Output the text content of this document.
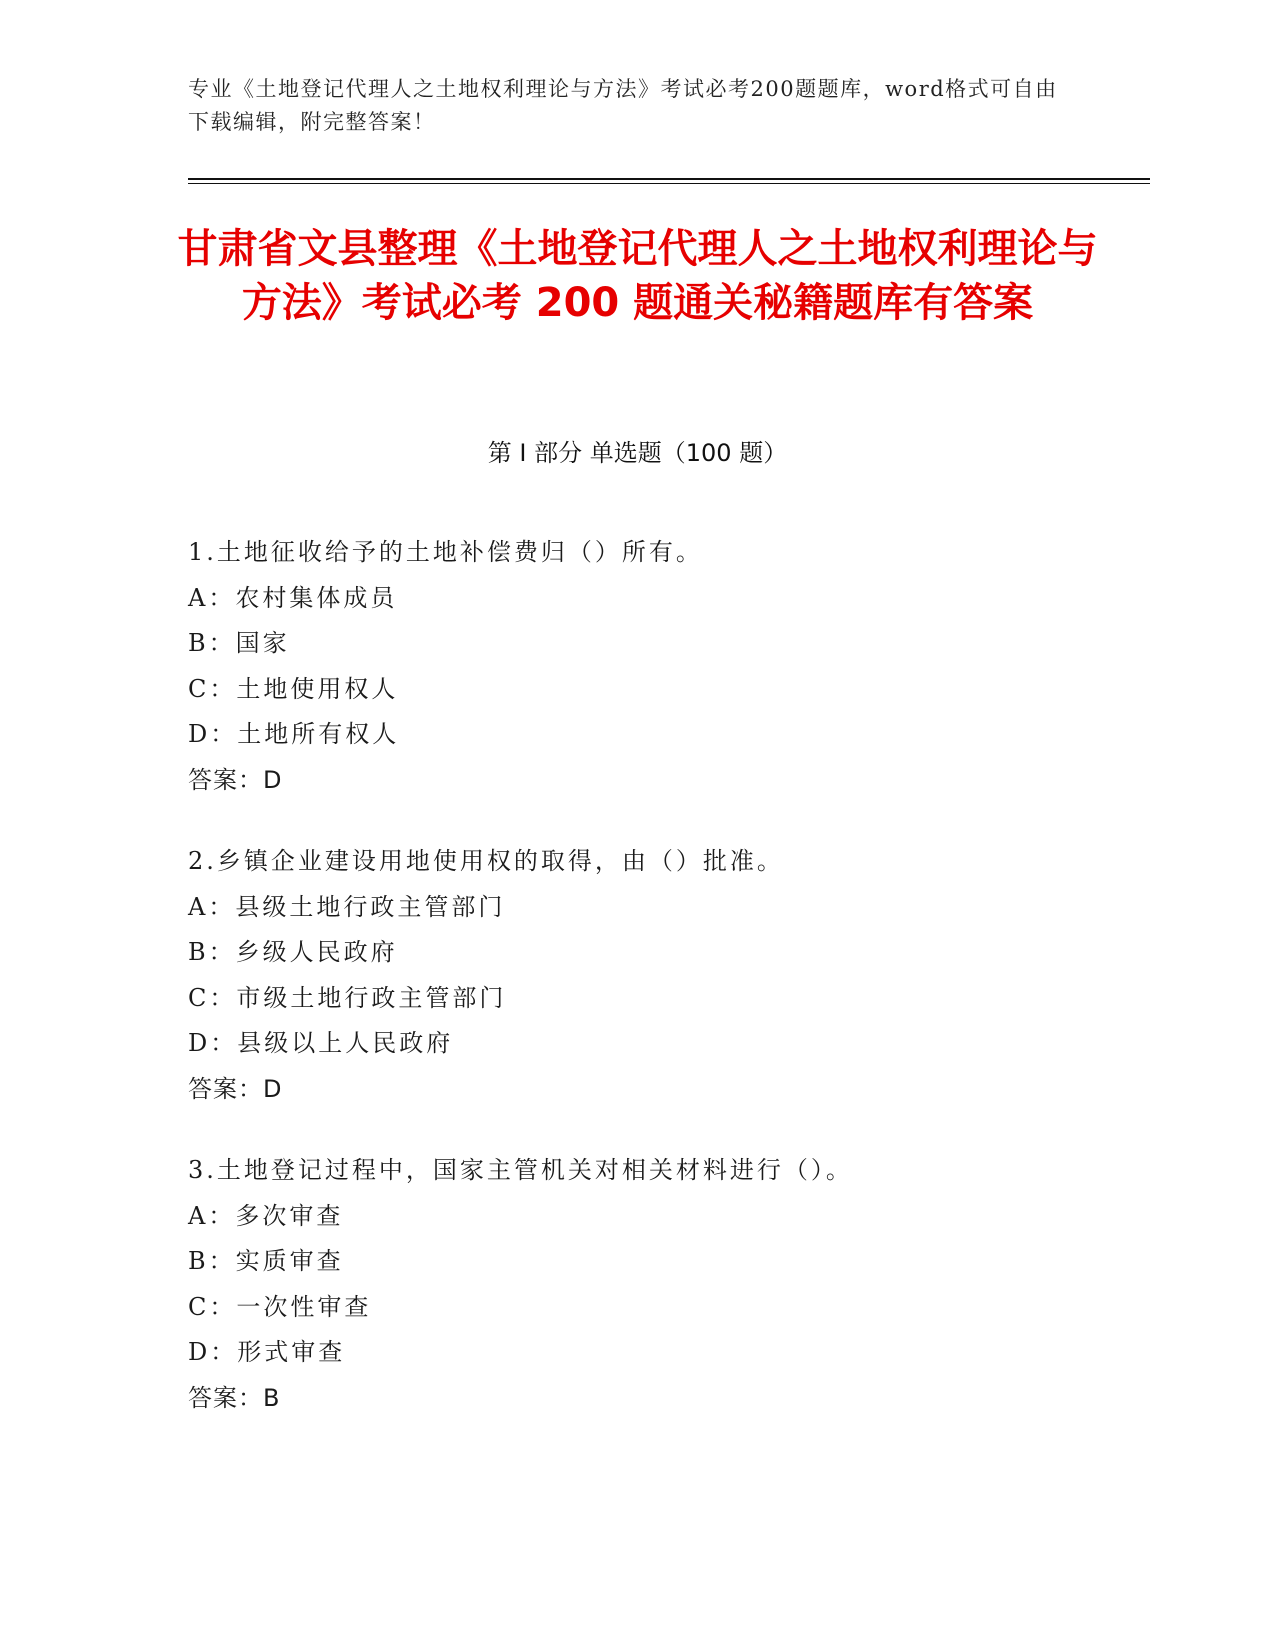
专业《土地登记代理人之土地权利理论与方法》考试必考200题题库，word格式可自由下载编辑，附完整答案！
甘肃省文县整理《土地登记代理人之土地权利理论与方法》考试必考 200 题通关秘籍题库有答案
第 I 部分 单选题（100 题）
1.土地征收给予的土地补偿费归（）所有。
A：农村集体成员
B：国家
C：土地使用权人
D：土地所有权人
答案：D
2.乡镇企业建设用地使用权的取得，由（）批准。
A：县级土地行政主管部门
B：乡级人民政府
C：市级土地行政主管部门
D：县级以上人民政府
答案：D
3.土地登记过程中，国家主管机关对相关材料进行（）。
A：多次审查
B：实质审查
C：一次性审查
D：形式审查
答案：B
